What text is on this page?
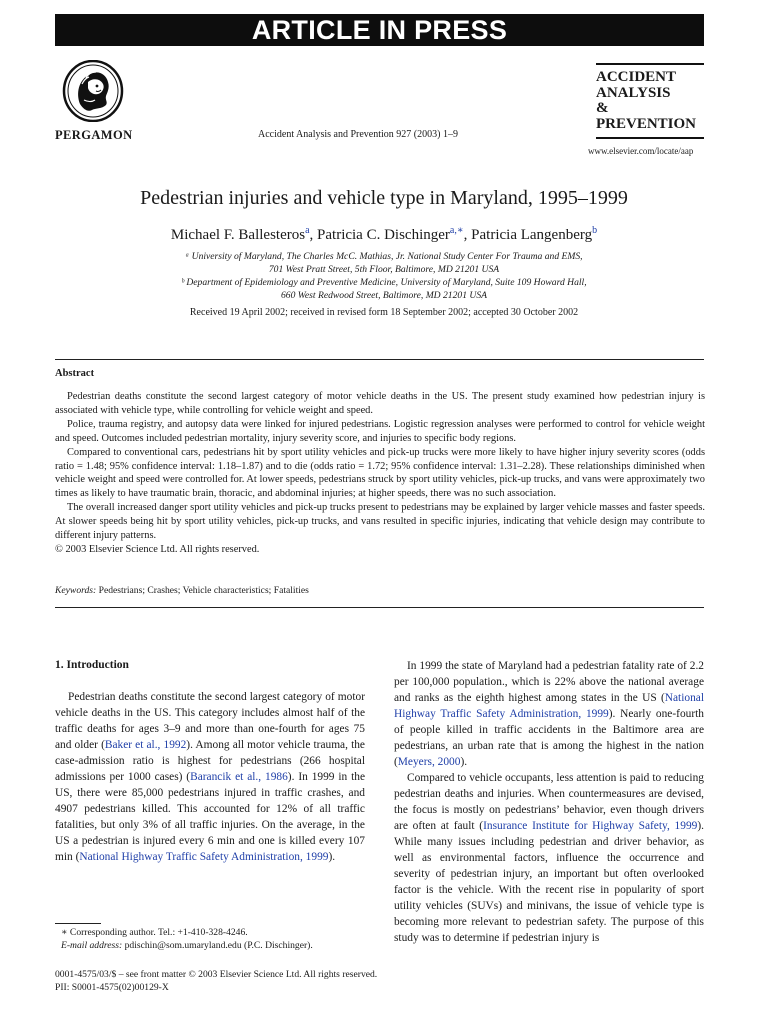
ARTICLE IN PRESS
PERGAMON	Accident Analysis and Prevention 927 (2003) 1–9
ACCIDENT
ANALYSIS
&
PREVENTION
www.elsevier.com/locate/aap
Pedestrian injuries and vehicle type in Maryland, 1995–1999
Michael F. Ballesteros$^a$, Patricia C. Dischinger$^{a,∗}$, Patricia Langenberg$^b$
ᵃ University of Maryland, The Charles McC. Mathias, Jr. National Study Center For Trauma and EMS,
701 West Pratt Street, 5th Floor, Baltimore, MD 21201 USA
ᵇ Department of Epidemiology and Preventive Medicine, University of Maryland, Suite 109 Howard Hall,
660 West Redwood Street, Baltimore, MD 21201 USA
Received 19 April 2002; received in revised form 18 September 2002; accepted 30 October 2002
Abstract

Pedestrian deaths constitute the second largest category of motor vehicle deaths in the US. The present study examined how pedestrian injury is associated with vehicle type, while controlling for vehicle weight and speed.

Police, trauma registry, and autopsy data were linked for injured pedestrians. Logistic regression analyses were performed to control for vehicle weight and speed. Outcomes included pedestrian mortality, injury severity score, and injuries to specific body regions.

Compared to conventional cars, pedestrians hit by sport utility vehicles and pick-up trucks were more likely to have higher injury severity scores (odds ratio = 1.48; 95% confidence interval: 1.18–1.87) and to die (odds ratio = 1.72; 95% confidence interval: 1.31–2.28). These relationships diminished when vehicle weight and speed were controlled for. At lower speeds, pedestrians struck by sport utility vehicles, pick-up trucks, and vans were approximately two times as likely to have traumatic brain, thoracic, and abdominal injuries; at higher speeds, there was no such association.

The overall increased danger sport utility vehicles and pick-up trucks present to pedestrians may be explained by larger vehicle masses and faster speeds. At slower speeds being hit by sport utility vehicles, pick-up trucks, and vans resulted in specific injuries, indicating that vehicle design may contribute to different injury patterns.

© 2003 Elsevier Science Ltd. All rights reserved.

Keywords: Pedestrians; Crashes; Vehicle characteristics; Fatalities
1. Introduction

Pedestrian deaths constitute the second largest category of motor vehicle deaths in the US. This category includes almost half of the traffic deaths for ages 3–9 and more than one-fourth for ages 75 and older (Baker et al., 1992). Among all motor vehicle trauma, the case-admission ratio is highest for pedestrians (266 hospital admissions per 1000 cases) (Barancik et al., 1986). In 1999 in the US, there were 85,000 pedestrians injured in traffic crashes, and 4907 pedestrians killed. This accounted for 12% of all traffic fatalities, but only 3% of all traffic injuries. On the average, in the US a pedestrian is injured every 6 min and one is killed every 107 min (National Highway Traffic Safety Administration, 1999).

∗ Corresponding author. Tel.: +1-410-328-4246.
E-mail address: pdischin@som.umaryland.edu (P.C. Dischinger).

In 1999 the state of Maryland had a pedestrian fatality rate of 2.2 per 100,000 population., which is 22% above the national average and ranks as the eighth highest among states in the US (National Highway Traffic Safety Administration, 1999). Nearly one-fourth of people killed in traffic accidents in the Baltimore area are pedestrians, an urban rate that is among the highest in the nation (Meyers, 2000).

Compared to vehicle occupants, less attention is paid to reducing pedestrian deaths and injuries. When countermeasures are devised, the focus is mostly on pedestrians’ behavior, even though drivers are often at fault (Insurance Institute for Highway Safety, 1999). While many issues including pedestrian and driver behavior, as well as environmental factors, influence the occurrence and severity of pedestrian injury, an important but often overlooked factor is the vehicle. With the recent rise in popularity of sport utility vehicles (SUVs) and minivans, the issue of vehicle type is becoming more relevant to pedestrian safety. The purpose of this study was to determine if pedestrian injury is

0001-4575/03/$ – see front matter © 2003 Elsevier Science Ltd. All rights reserved.
PII: S0001-4575(02)00129-X
